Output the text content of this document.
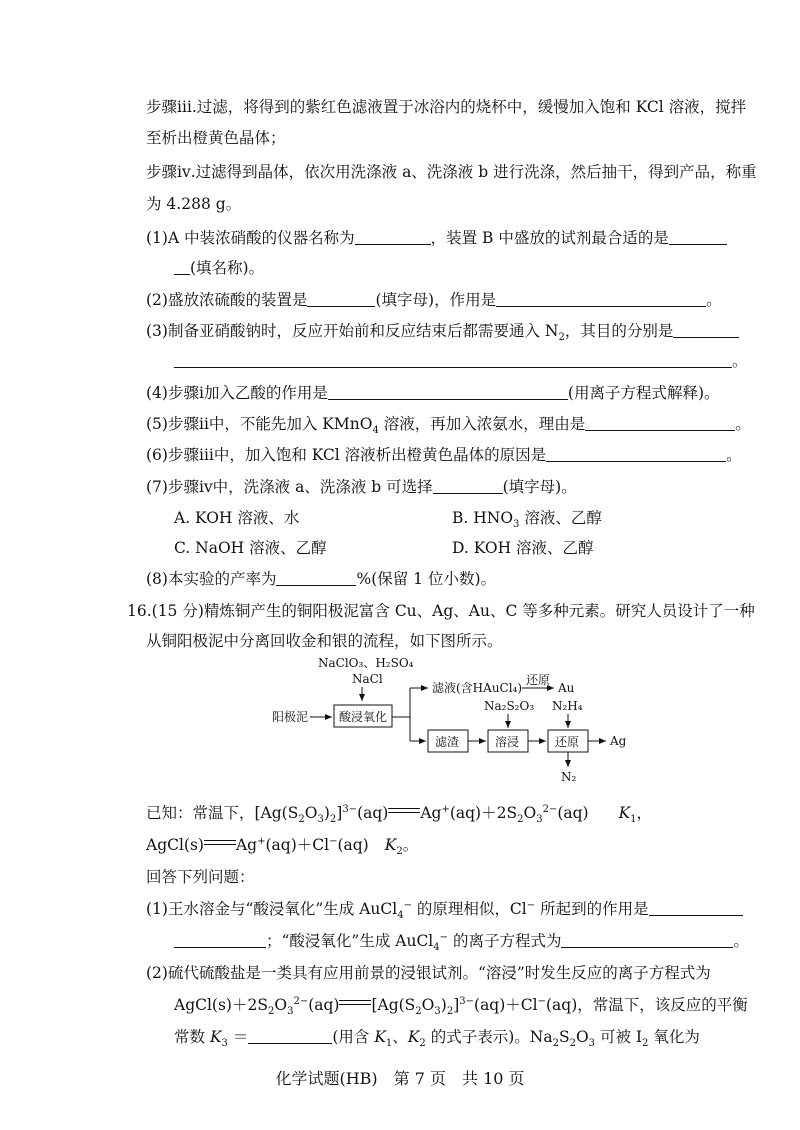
步骤ⅲ.过滤，将得到的紫红色滤液置于冰浴内的烧杯中，缓慢加入饱和 KCl 溶液，搅拌
至析出橙黄色晶体；
步骤ⅳ.过滤得到晶体，依次用洗涤液 a、洗涤液 b 进行洗涤，然后抽干，得到产品，称重
为 4.288 g。
(1)A 中装浓硝酸的仪器名称为	，装置 B 中盛放的试剂最合适的是
(填名称)。
(2)盛放浓硫酸的装置是	(填字母)，作用是	。
(3)制备亚硝酸钠时，反应开始前和反应结束后都需要通入 $N_2$，其目的分别是
。
(4)步骤ⅰ加入乙酸的作用是	(用离子方程式解释)。
(5)步骤ⅱ中，不能先加入 KMnO$_4$ 溶液，再加入浓氨水，理由是	。
(6)步骤ⅲ中，加入饱和 KCl 溶液析出橙黄色晶体的原因是	。
(7)步骤ⅳ中，洗涤液 a、洗涤液 b 可选择	(填字母)。
A. KOH 溶液、水	B. $HNO_3$ 溶液、乙醇
C. NaOH 溶液、乙醇	D. KOH 溶液、乙醇
(8)本实验的产率为	%(保留 1 位小数)。
16.(15 分)精炼铜产生的铜阳极泥富含 Cu、Ag、Au、C 等多种元素。研究人员设计了一种
从铜阳极泥中分离回收金和银的流程，如下图所示。
NaClO₃、H₂SO₄
NaCl
阳极泥	酸浸氧化
滤液(含HAuCl₄)
还原
Au
滤渣	溶浸
Na₂S₂O₃
还原
N₂H₄
Ag
N₂
已知：常温下，$[Ag(S_2O_3)_2]^{3-}(aq)$ $Ag^+(aq)+2S_2O_3^{2-}(aq)$ $K_1$，
AgCl(s) Ag+(aq)＋Cl−(aq) $K_2$。
回答下列问题：
(1)王水溶金与“酸浸氧化”生成 AuCl$_4$− 的原理相似，Cl− 所起到的作用是
；“酸浸氧化”生成 AuCl$_4$− 的离子方程式为	。
(2)硫代硫酸盐是一类具有应用前景的浸银试剂。“溶浸”时发生反应的离子方程式为
$AgCl(s)+2S_2O_3^{2-}(aq)$ $[Ag(S_2O_3)_2]^{3-}(aq)+Cl^-(aq)$，常温下，该反应的平衡
常数 $K_3$ ＝	(用含 $K_1$、$K_2$ 的式子表示)。$Na_2S_2O_3$ 可被 $I_2$ 氧化为
化学试题(HB)　第 7 页　共 10 页
